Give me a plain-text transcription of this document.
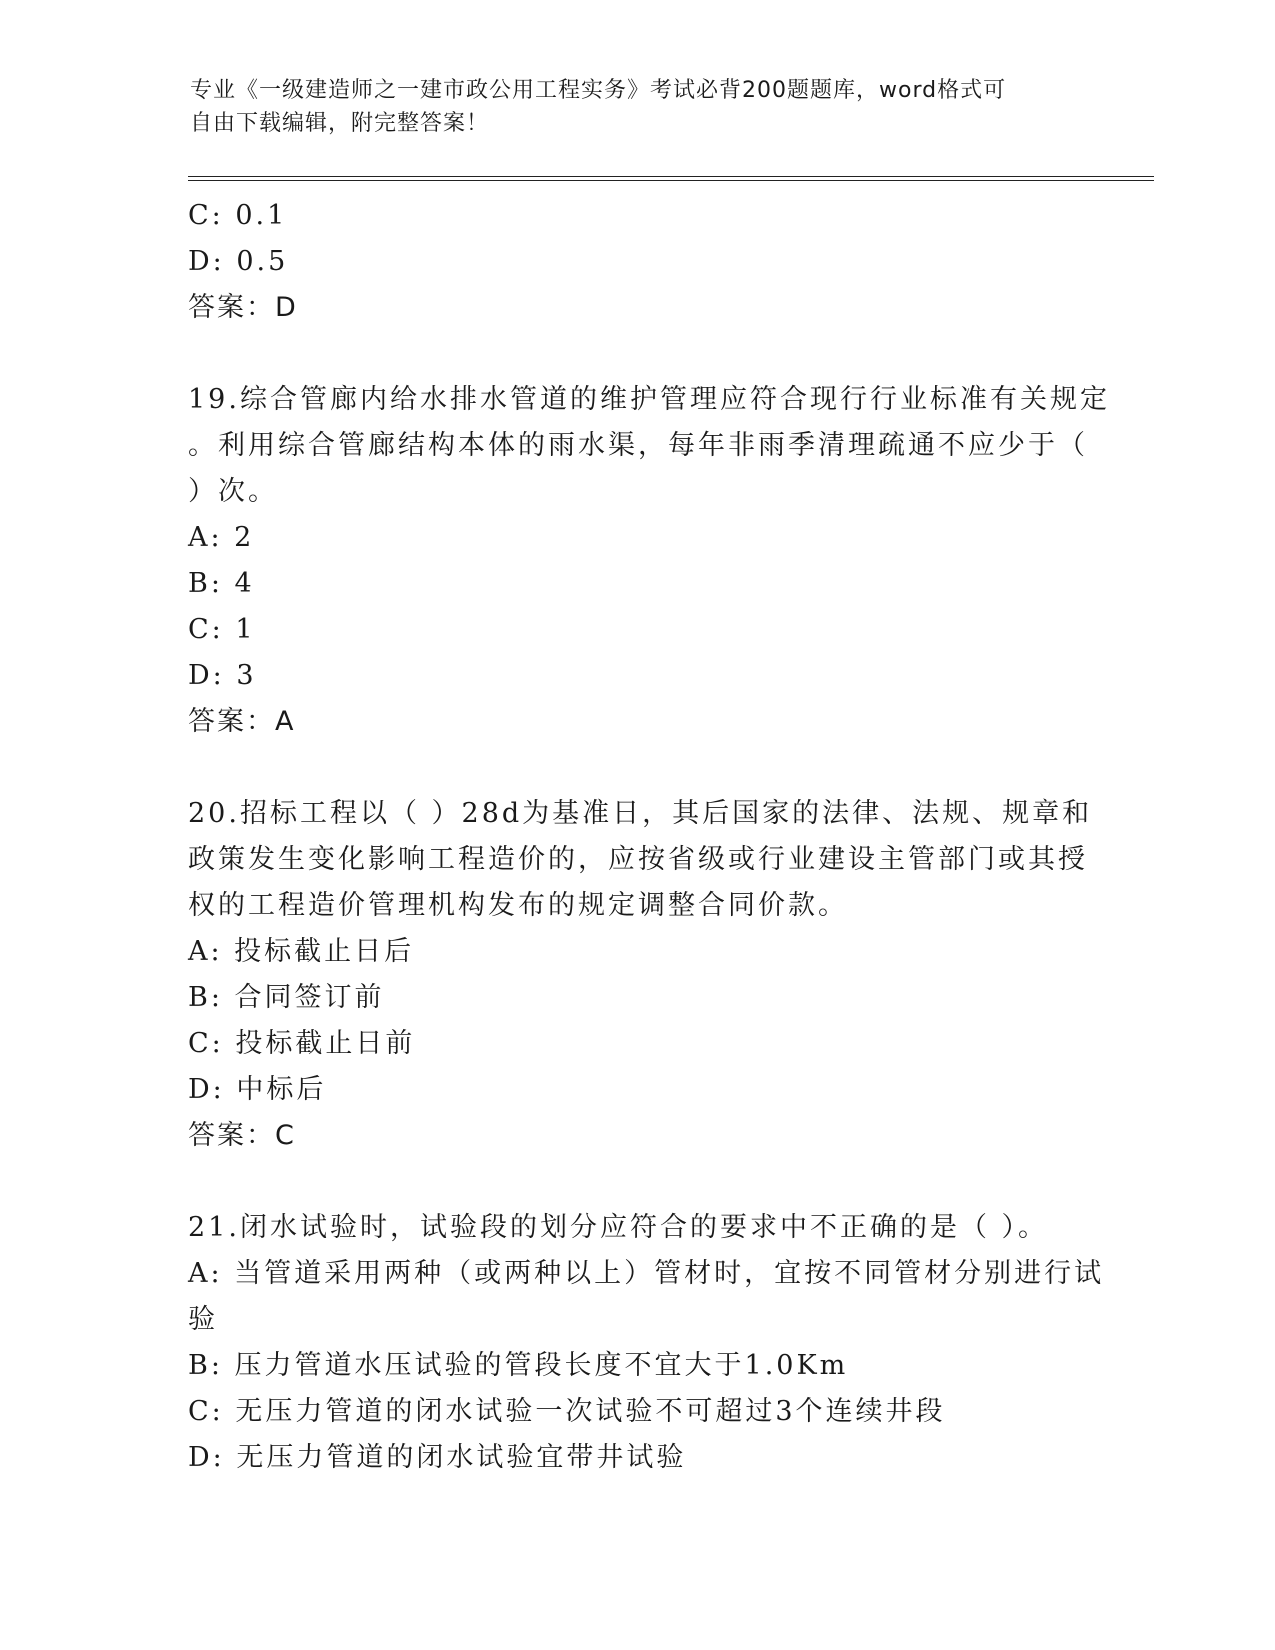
专业《一级建造师之一建市政公用工程实务》考试必背200题题库，word格式可
自由下载编辑，附完整答案！
C: 0.1
D: 0.5
答案：D
19.综合管廊内给水排水管道的维护管理应符合现行行业标准有关规定
。利用综合管廊结构本体的雨水渠，每年非雨季清理疏通不应少于（
）次。
A: 2
B: 4
C: 1
D: 3
答案：A
20.招标工程以（ ）28d为基准日，其后国家的法律、法规、规章和
政策发生变化影响工程造价的，应按省级或行业建设主管部门或其授
权的工程造价管理机构发布的规定调整合同价款。
A: 投标截止日后
B: 合同签订前
C: 投标截止日前
D: 中标后
答案：C
21.闭水试验时，试验段的划分应符合的要求中不正确的是（ ）。
A: 当管道采用两种（或两种以上）管材时，宜按不同管材分别进行试
验
B: 压力管道水压试验的管段长度不宜大于1.0Km
C: 无压力管道的闭水试验一次试验不可超过3个连续井段
D: 无压力管道的闭水试验宜带井试验
